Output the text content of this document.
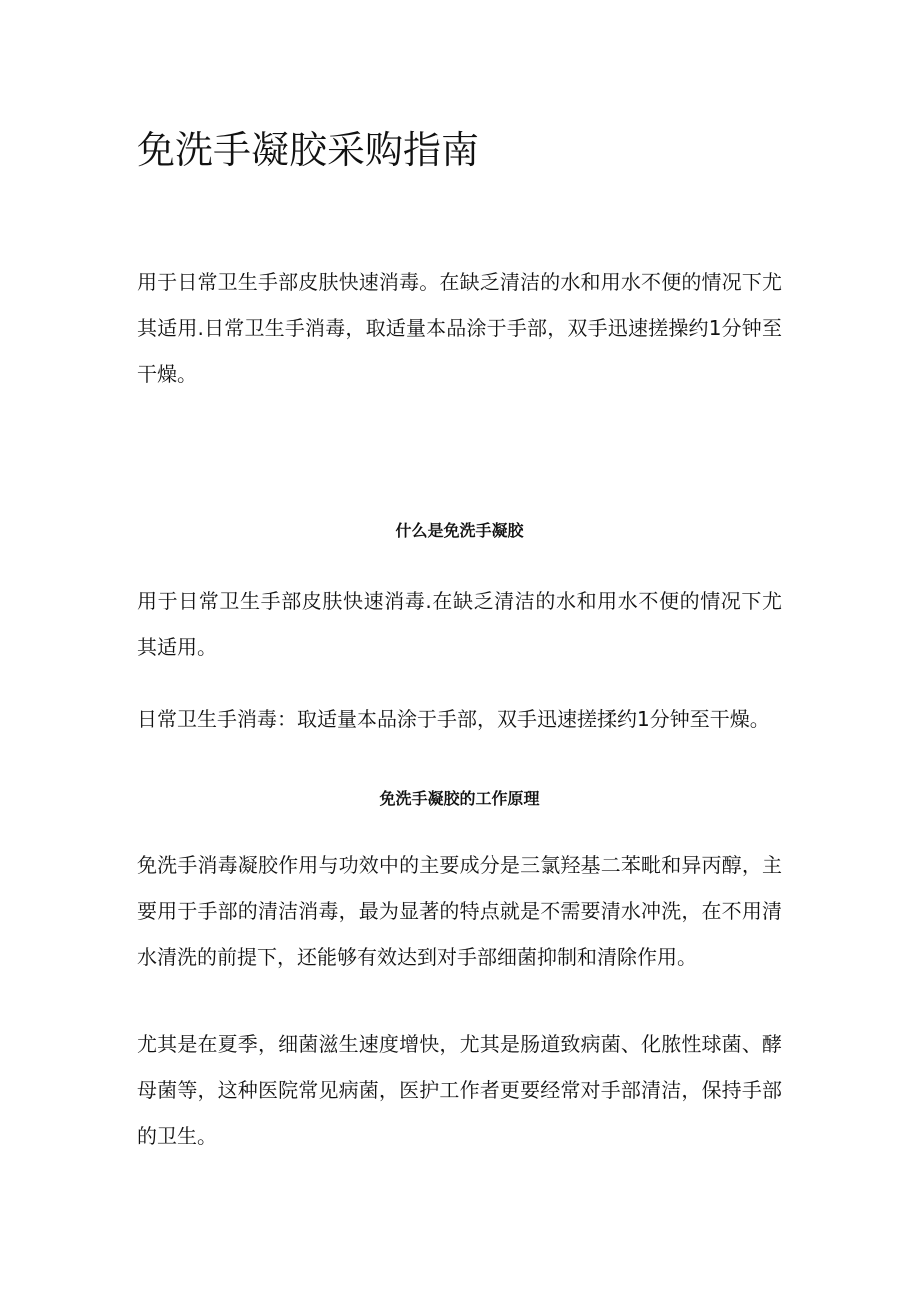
免洗手凝胶采购指南

用于日常卫生手部皮肤快速消毒。在缺乏清洁的水和用水不便的情况下尤其适用.日常卫生手消毒，取适量本品涂于手部，双手迅速搓操约1分钟至干燥。

什么是免洗手凝胶

用于日常卫生手部皮肤快速消毒.在缺乏清洁的水和用水不便的情况下尤其适用。

日常卫生手消毒：取适量本品涂于手部，双手迅速搓揉约1分钟至干燥。

免洗手凝胶的工作原理

免洗手消毒凝胶作用与功效中的主要成分是三氯羟基二苯毗和异丙醇，主要用于手部的清洁消毒，最为显著的特点就是不需要清水冲洗，在不用清水清洗的前提下，还能够有效达到对手部细菌抑制和清除作用。

尤其是在夏季，细菌滋生速度增快，尤其是肠道致病菌、化脓性球菌、酵母菌等，这种医院常见病菌，医护工作者更要经常对手部清洁，保持手部的卫生。
